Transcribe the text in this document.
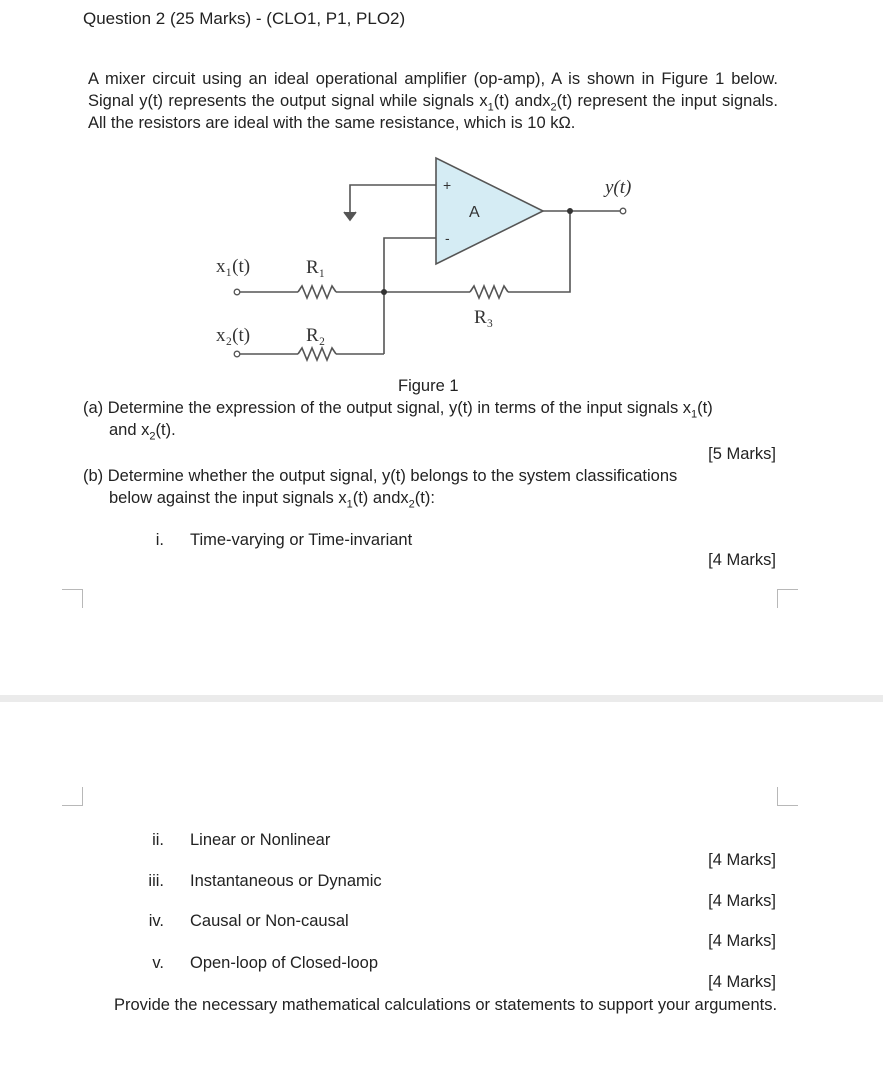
Question 2 (25 Marks) - (CLO1, P1, PLO2)
A mixer circuit using an ideal operational amplifier (op-amp), A is shown in Figure 1 below. Signal y(t) represents the output signal while signals $x_1(t)$ andx$_2$(t) represent the input signals. All the resistors are ideal with the same resistance, which is 10 kΩ.
+
-
A
y(t)
x₁(t)
x₂(t)
R₁
R₂
R₃
Figure 1
(a) Determine the expression of the output signal, y(t) in terms of the input signals $x_1(t)$
and $x_2(t)$.
[5 Marks]
(b) Determine whether the output signal, y(t) belongs to the system classifications
below against the input signals $x_1(t)$ andx$_2$(t):
i. Time-varying or Time-invariant
[4 Marks]
ii. Linear or Nonlinear
[4 Marks]
iii. Instantaneous or Dynamic
[4 Marks]
iv. Causal or Non-causal
[4 Marks]
v. Open-loop of Closed-loop
[4 Marks]
Provide the necessary mathematical calculations or statements to support your arguments.
